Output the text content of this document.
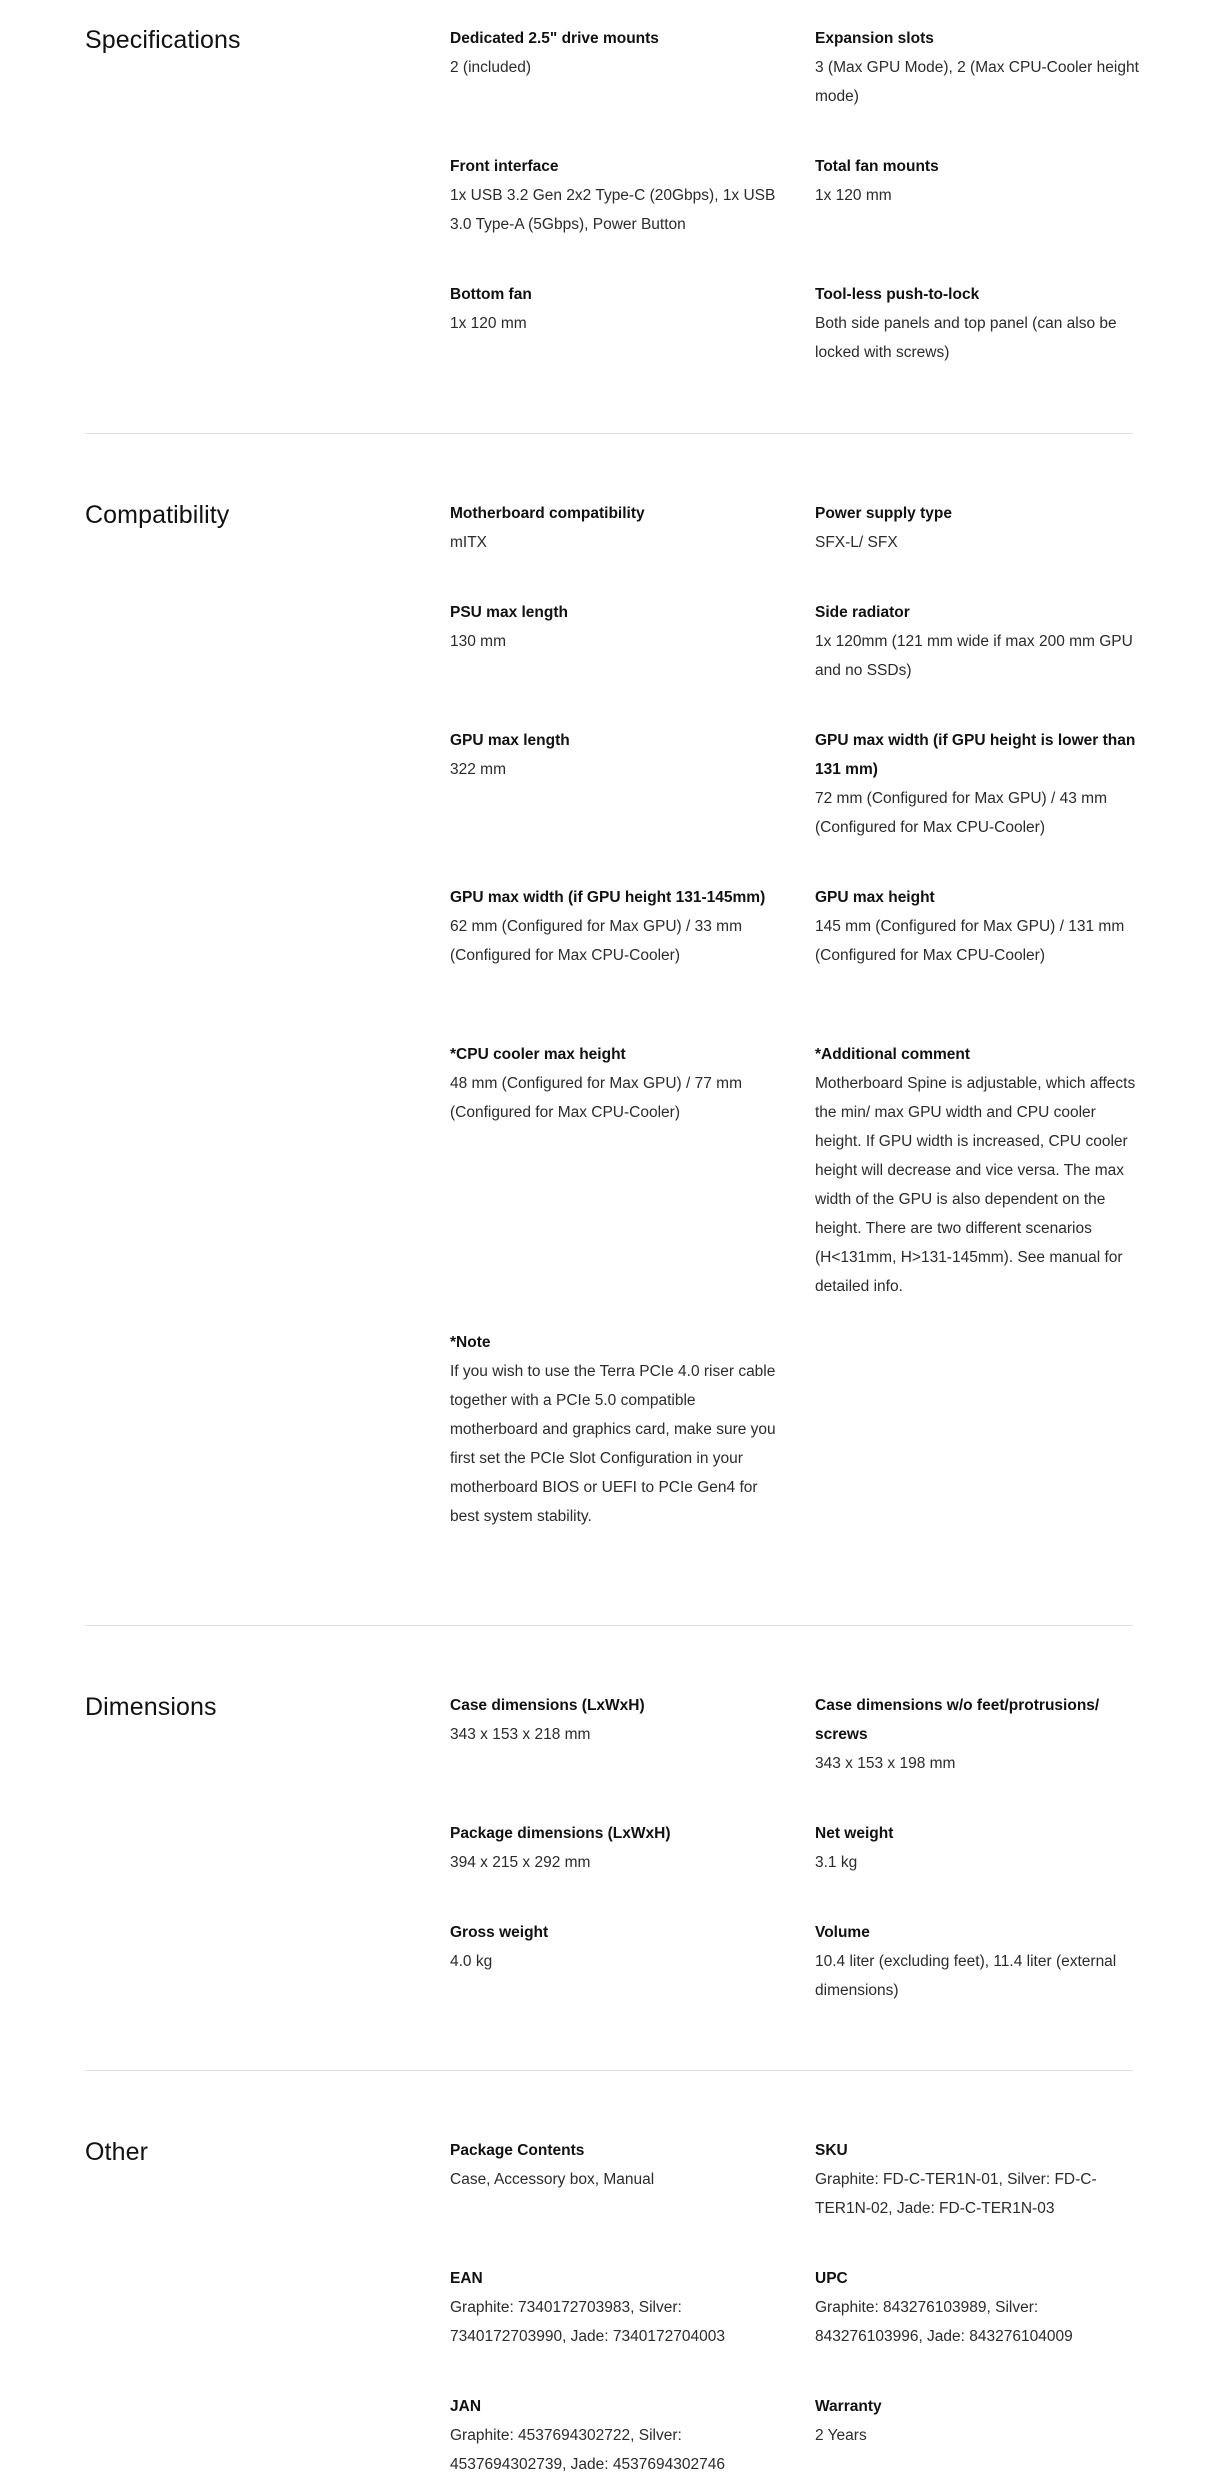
Specifications	Dedicated 2.5" drive mounts
2 (included)
Expansion slots
3 (Max GPU Mode), 2 (Max CPU-Cooler height mode)
Front interface
1x USB 3.2 Gen 2x2 Type-C (20Gbps), 1x USB 3.0 Type-A (5Gbps), Power Button
Total fan mounts
1x 120 mm
Bottom fan
1x 120 mm
Tool-less push-to-lock
Both side panels and top panel (can also be locked with screws)
Compatibility	Motherboard compatibility
mITX
Power supply type
SFX-L/ SFX
PSU max length
130 mm
Side radiator
1x 120mm (121 mm wide if max 200 mm GPU and no SSDs)
GPU max length
322 mm
GPU max width (if GPU height is lower than 131 mm)
72 mm (Configured for Max GPU) / 43 mm (Configured for Max CPU-Cooler)
GPU max width (if GPU height 131-145mm)
62 mm (Configured for Max GPU) / 33 mm (Configured for Max CPU-Cooler)
GPU max height
145 mm (Configured for Max GPU) / 131 mm (Configured for Max CPU-Cooler)
*CPU cooler max height
48 mm (Configured for Max GPU) / 77 mm (Configured for Max CPU-Cooler)
*Additional comment
Motherboard Spine is adjustable, which affects the min/ max GPU width and CPU cooler height. If GPU width is increased, CPU cooler height will decrease and vice versa. The max width of the GPU is also dependent on the height. There are two different scenarios (H<131mm, H>131-145mm). See manual for detailed info.
*Note
If you wish to use the Terra PCIe 4.0 riser cable together with a PCIe 5.0 compatible motherboard and graphics card, make sure you first set the PCIe Slot Configuration in your motherboard BIOS or UEFI to PCIe Gen4 for best system stability.
Dimensions	Case dimensions (LxWxH)
343 x 153 x 218 mm
Case dimensions w/o feet/protrusions/ screws
343 x 153 x 198 mm
Package dimensions (LxWxH)
394 x 215 x 292 mm
Net weight
3.1 kg
Gross weight
4.0 kg
Volume
10.4 liter (excluding feet), 11.4 liter (external dimensions)
Other	Package Contents
Case, Accessory box, Manual
SKU
Graphite: FD-C-TER1N-01, Silver: FD-C-TER1N-02, Jade: FD-C-TER1N-03
EAN
Graphite: 7340172703983, Silver: 7340172703990, Jade: 7340172704003
UPC
Graphite: 843276103989, Silver: 843276103996, Jade: 843276104009
JAN
Graphite: 4537694302722, Silver: 4537694302739, Jade: 4537694302746
Warranty
2 Years
